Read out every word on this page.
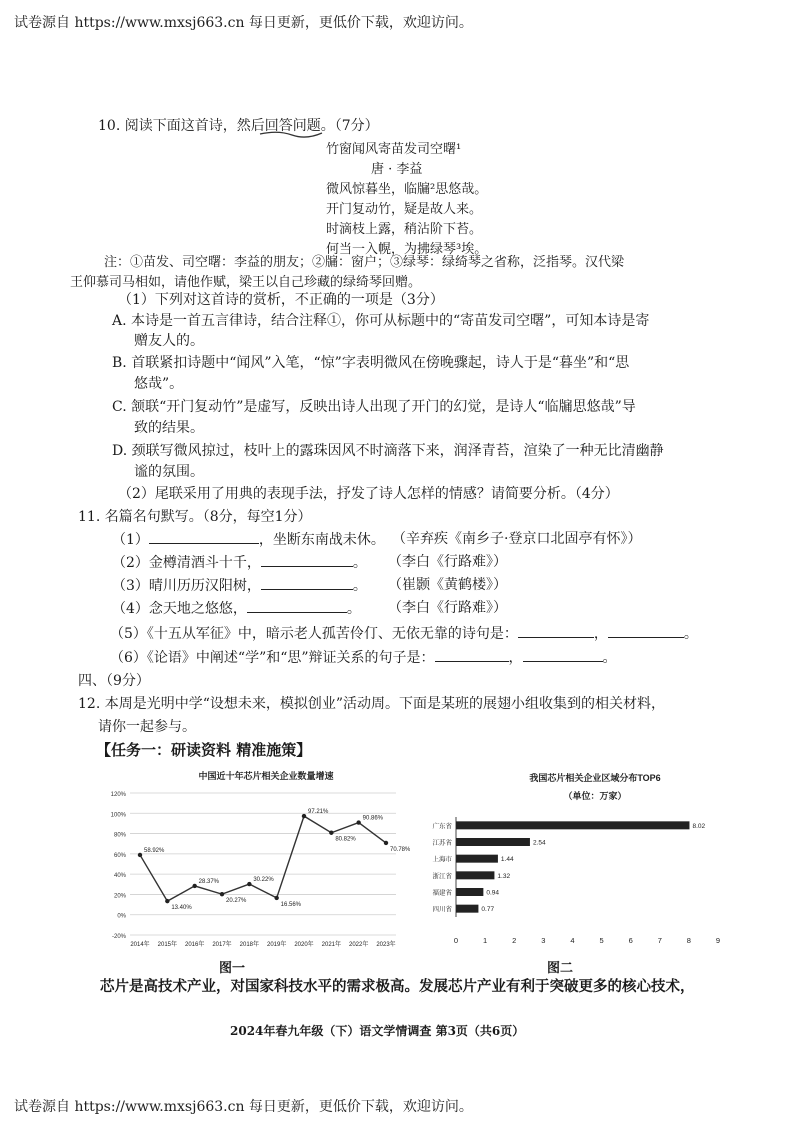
试卷源自 https://www.mxsj663.cn 每日更新，更低价下载，欢迎访问。
10. 阅读下面这首诗，然后回答问题。（7分）
竹窗闻风寄苗发司空曙¹
唐 · 李益
微风惊暮坐，临牖²思悠哉。
开门复动竹，疑是故人来。
时滴枝上露，稍沾阶下苔。
何当一入幌，为拂绿琴³埃。
注：①苗发、司空曙：李益的朋友；②牖：窗户；③绿琴：绿绮琴之省称，泛指琴。汉代梁
王仰慕司马相如，请他作赋，梁王以自己珍藏的绿绮琴回赠。
（1）下列对这首诗的赏析，不正确的一项是（3分）
A. 本诗是一首五言律诗，结合注释①，你可从标题中的“寄苗发司空曙”，可知本诗是寄
赠友人的。
B. 首联紧扣诗题中“闻风”入笔，“惊”字表明微风在傍晚骤起，诗人于是“暮坐”和“思
悠哉”。
C. 颔联“开门复动竹”是虚写，反映出诗人出现了开门的幻觉，是诗人“临牖思悠哉”导
致的结果。
D. 颈联写微风掠过，枝叶上的露珠因风不时滴落下来，润泽青苔，渲染了一种无比清幽静
谧的氛围。
（2）尾联采用了用典的表现手法，抒发了诗人怎样的情感？请简要分析。（4分）
11. 名篇名句默写。（8分，每空1分）
（1）	，坐断东南战未休。 （辛弃疾《南乡子·登京口北固亭有怀》）
（2）金樽清酒斗十千，	。 （李白《行路难》）
（3）晴川历历汉阳树，	。 （崔颢《黄鹤楼》）
（4）念天地之悠悠，	。 （李白《行路难》）
（5）《十五从军征》中，暗示老人孤苦伶仃、无依无靠的诗句是：	，	。
（6）《论语》中阐述“学”和“思”辩证关系的句子是：	，	。
四、（9分）
12. 本周是光明中学“设想未来，模拟创业”活动周。下面是某班的展翅小组收集到的相关材料，
请你一起参与。
【任务一：研读资料 精准施策】
中国近十年芯片相关企业数量增速
120%
100%
80%
60%
40%
20%
0%
-20%
2014年 2015年 2016年 2017年 2018年 2019年 2020年 2021年 2022年 2023年
58.92%
13.40%
28.37%
20.27%
30.22%
16.56%
97.21%
80.82%
90.86%
70.78%
图一
我国芯片相关企业区域分布TOP6
（单位：万家）
广东省	8.02
江苏省	2.54
上海市	1.44
浙江省	1.32
福建省	0.94
四川省	0.77
0	1	2	3	4	5	6	7	8	9
图二
芯片是高技术产业，对国家科技水平的需求极高。发展芯片产业有利于突破更多的核心技术，
2024年春九年级（下）语文学情调查 第3页（共6页）
试卷源自 https://www.mxsj663.cn 每日更新，更低价下载，欢迎访问。
